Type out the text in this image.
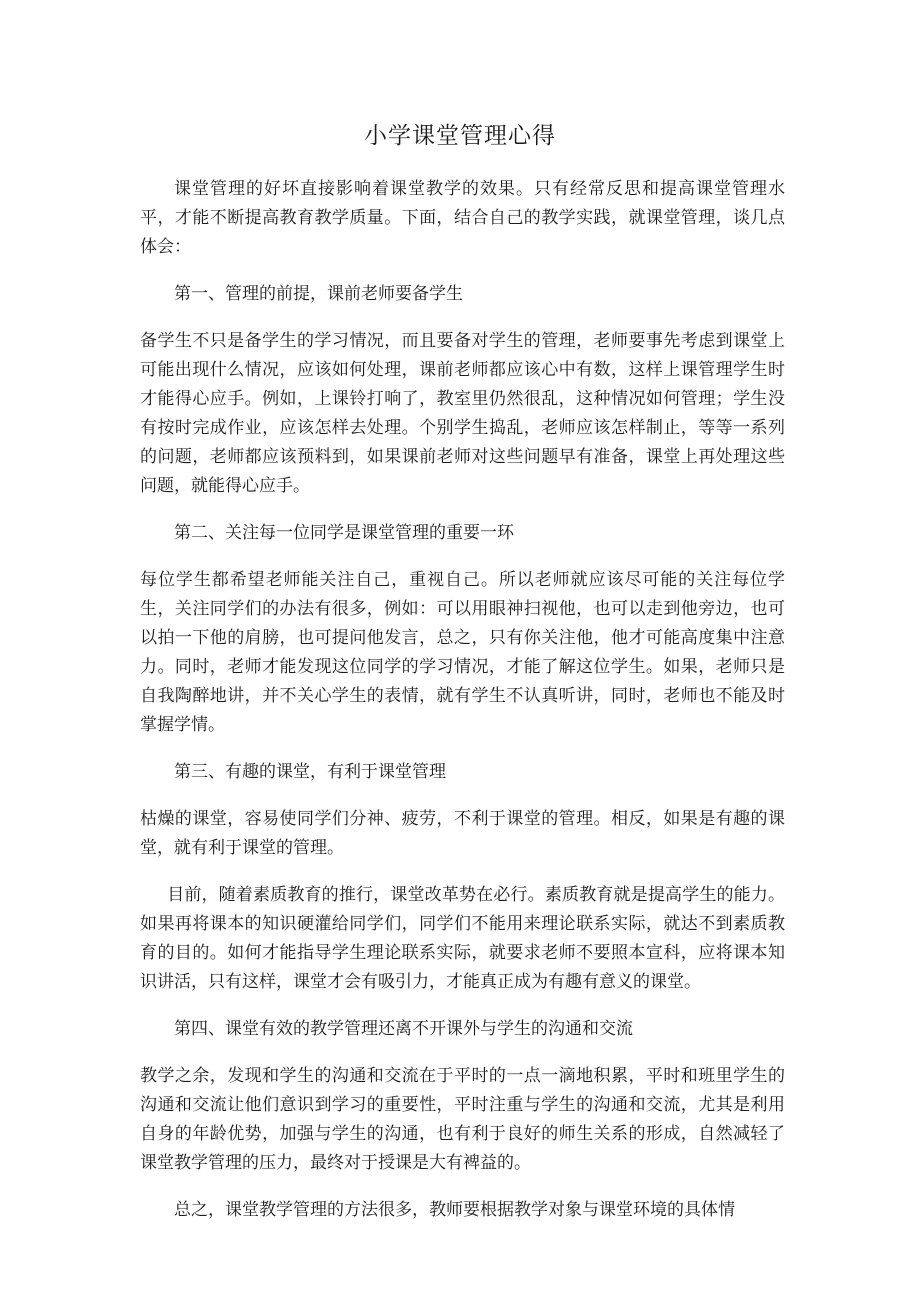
小学课堂管理心得

课堂管理的好坏直接影响着课堂教学的效果。只有经常反思和提高课堂管理水平，才能不断提高教育教学质量。下面，结合自己的教学实践，就课堂管理，谈几点体会：

第一、管理的前提，课前老师要备学生

备学生不只是备学生的学习情况，而且要备对学生的管理，老师要事先考虑到课堂上可能出现什么情况，应该如何处理，课前老师都应该心中有数，这样上课管理学生时才能得心应手。例如，上课铃打响了，教室里仍然很乱，这种情况如何管理；学生没有按时完成作业，应该怎样去处理。个别学生捣乱，老师应该怎样制止，等等一系列的问题，老师都应该预料到，如果课前老师对这些问题早有准备，课堂上再处理这些问题，就能得心应手。

第二、关注每一位同学是课堂管理的重要一环

每位学生都希望老师能关注自己，重视自己。所以老师就应该尽可能的关注每位学生，关注同学们的办法有很多，例如：可以用眼神扫视他，也可以走到他旁边，也可以拍一下他的肩膀，也可提问他发言，总之，只有你关注他，他才可能高度集中注意力。同时，老师才能发现这位同学的学习情况，才能了解这位学生。如果，老师只是自我陶醉地讲，并不关心学生的表情，就有学生不认真听讲，同时，老师也不能及时掌握学情。

第三、有趣的课堂，有利于课堂管理

枯燥的课堂，容易使同学们分神、疲劳，不利于课堂的管理。相反，如果是有趣的课堂，就有利于课堂的管理。

目前，随着素质教育的推行，课堂改革势在必行。素质教育就是提高学生的能力。 如果再将课本的知识硬灌给同学们，同学们不能用来理论联系实际，就达不到素质教育的目的。如何才能指导学生理论联系实际，就要求老师不要照本宣科，应将课本知识讲活，只有这样，课堂才会有吸引力，才能真正成为有趣有意义的课堂。

第四、课堂有效的教学管理还离不开课外与学生的沟通和交流

教学之余，发现和学生的沟通和交流在于平时的一点一滴地积累，平时和班里学生的沟通和交流让他们意识到学习的重要性，平时注重与学生的沟通和交流，尤其是利用自身的年龄优势，加强与学生的沟通，也有利于良好的师生关系的形成，自然减轻了课堂教学管理的压力，最终对于授课是大有裨益的。

总之，课堂教学管理的方法很多，教师要根据教学对象与课堂环境的具体情
